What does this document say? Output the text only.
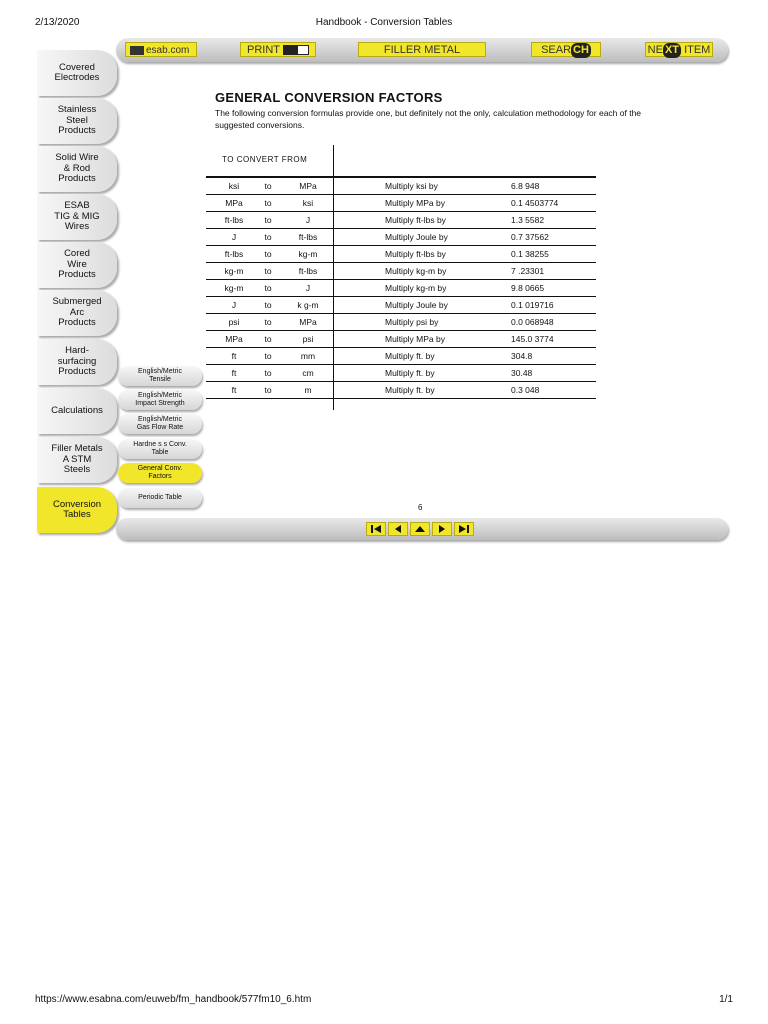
2/13/2020	Handbook - Conversion Tables
esab.com	PRINT	FILLER METAL	SEAR CH	NE XT ITEM
Covered
Electrodes
Stainless
Steel
Products
Solid Wire
& Rod
Products
ESAB
TIG & MIG
Wires
Cored
Wire
Products
Submerged
Arc
Products
Hard-
surfacing
Products
Calculations
Filler Metals
A STM
Steels
Conversion
Tables
English/Metric
Tensile
English/Metric
Impact Strength
English/Metric
Gas Flow Rate
Hardne s s Conv.
Table
General Conv.
Factors
Periodic Table
GENERAL CONVERSION FACTORS
The following conversion formulas provide one, but definitely not the only, calculation methodology for each of the suggested conversions.
TO CONVERT FROM
ksi	to	MPa	Multiply ksi by	6.8 948
MPa	to	ksi	Multiply MPa by	0.1 4503774
ft-lbs	to	J	Multiply ft-lbs by	1.3 5582
J	to	ft-lbs	Multiply Joule by	0.7 37562
ft-lbs	to	kg-m	Multiply ft-lbs by	0.1 38255
kg-m	to	ft-lbs	Multiply kg-m by	7 .23301
kg-m	to	J	Multiply kg-m by	9.8 0665
J	to	k g-m	Multiply Joule by	0.1 019716
psi	to	MPa	Multiply psi by	0.0 068948
MPa	to	psi	Multiply MPa by	145.0 3774
ft	to	mm	Multiply ft. by	304.8
ft	to	cm	Multiply ft. by	30.48
ft	to	m	Multiply ft. by	0.3 048
6
https://www.esabna.com/euweb/fm_handbook/577fm10_6.htm	1/1
